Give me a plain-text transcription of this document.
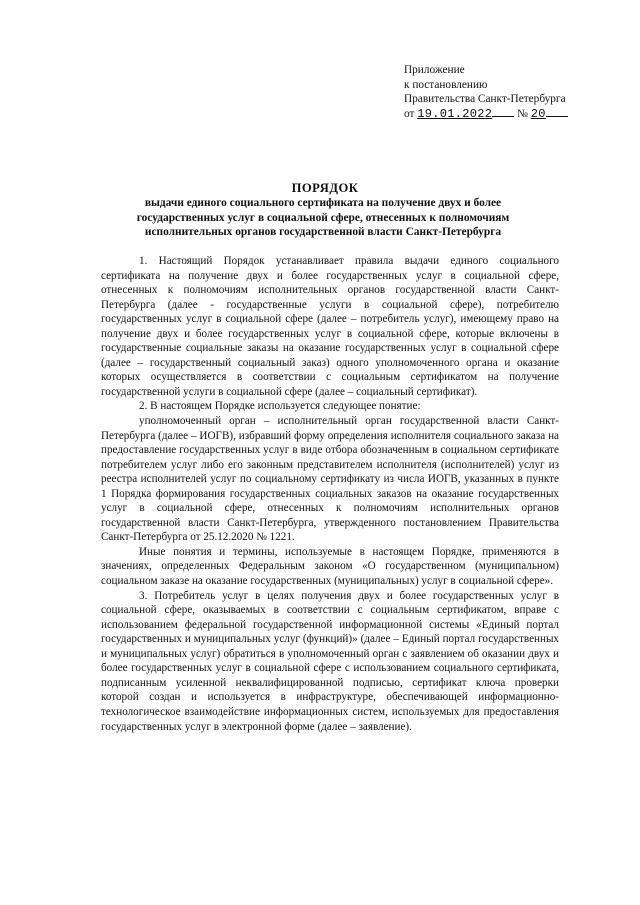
Приложение
к постановлению
Правительства Санкт-Петербурга
от 19.01.2022 № 20
ПОРЯДОК
выдачи единого социального сертификата на получение двух и более государственных услуг в социальной сфере, отнесенных к полномочиям исполнительных органов государственной власти Санкт-Петербурга

1. Настоящий Порядок устанавливает правила выдачи единого социального сертификата на получение двух и более государственных услуг в социальной сфере, отнесенных к полномочиям исполнительных органов государственной власти Санкт-Петербурга (далее - государственные услуги в социальной сфере), потребителю государственных услуг в социальной сфере (далее – потребитель услуг), имеющему право на получение двух и более государственных услуг в социальной сфере, которые включены в государственные социальные заказы на оказание государственных услуг в социальной сфере (далее – государственный социальный заказ) одного уполномоченного органа и оказание которых осуществляется в соответствии с социальным сертификатом на получение государственной услуги в социальной сфере (далее – социальный сертификат).

2. В настоящем Порядке используется следующее понятие:

уполномоченный орган – исполнительный орган государственной власти Санкт-Петербурга (далее – ИОГВ), избравший форму определения исполнителя социального заказа на предоставление государственных услуг в виде отбора обозначенным в социальном сертификате потребителем услуг либо его законным представителем исполнителя (исполнителей) услуг из реестра исполнителей услуг по социальному сертификату из числа ИОГВ, указанных в пункте 1 Порядка формирования государственных социальных заказов на оказание государственных услуг в социальной сфере, отнесенных к полномочиям исполнительных органов государственной власти Санкт-Петербурга, утвержденного постановлением Правительства Санкт-Петербурга от 25.12.2020 № 1221.

Иные понятия и термины, используемые в настоящем Порядке, применяются в значениях, определенных Федеральным законом «О государственном (муниципальном) социальном заказе на оказание государственных (муниципальных) услуг в социальной сфере».

3. Потребитель услуг в целях получения двух и более государственных услуг в социальной сфере, оказываемых в соответствии с социальным сертификатом, вправе с использованием федеральной государственной информационной системы «Единый портал государственных и муниципальных услуг (функций)» (далее – Единый портал государственных и муниципальных услуг) обратиться в уполномоченный орган с заявлением об оказании двух и более государственных услуг в социальной сфере с использованием социального сертификата, подписанным усиленной неквалифицированной подписью, сертификат ключа проверки которой создан и используется в инфраструктуре, обеспечивающей информационно-технологическое взаимодействие информационных систем, используемых для предоставления государственных услуг в электронной форме (далее – заявление).
